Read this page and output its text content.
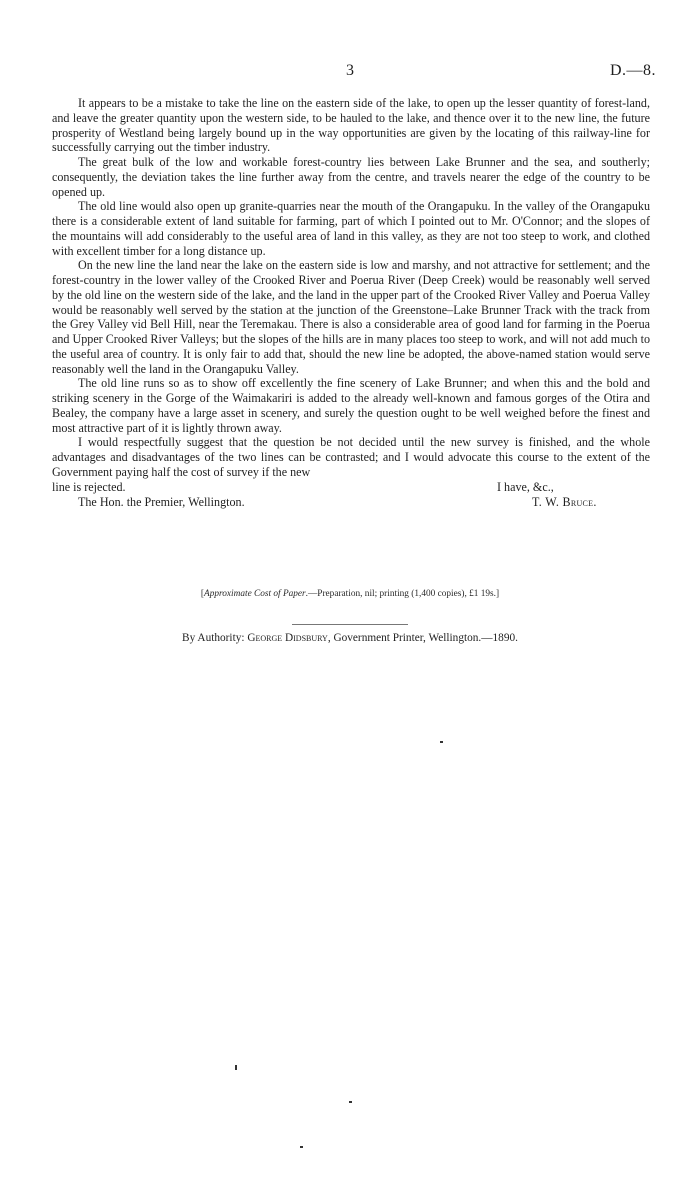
3	D.—8.

It appears to be a mistake to take the line on the eastern side of the lake, to open up the lesser quantity of forest-land, and leave the greater quantity upon the western side, to be hauled to the lake, and thence over it to the new line, the future prosperity of Westland being largely bound up in the way opportunities are given by the locating of this railway-line for successfully carrying out the timber industry.

The great bulk of the low and workable forest-country lies between Lake Brunner and the sea, and southerly; consequently, the deviation takes the line further away from the centre, and travels nearer the edge of the country to be opened up.

The old line would also open up granite-quarries near the mouth of the Orangapuku. In the valley of the Orangapuku there is a considerable extent of land suitable for farming, part of which I pointed out to Mr. O'Connor; and the slopes of the mountains will add considerably to the useful area of land in this valley, as they are not too steep to work, and clothed with excellent timber for a long distance up.

On the new line the land near the lake on the eastern side is low and marshy, and not attractive for settlement; and the forest-country in the lower valley of the Crooked River and Poerua River (Deep Creek) would be reasonably well served by the old line on the western side of the lake, and the land in the upper part of the Crooked River Valley and Poerua Valley would be reasonably well served by the station at the junction of the Greenstone–Lake Brunner Track with the track from the Grey Valley vid Bell Hill, near the Teremakau. There is also a considerable area of good land for farming in the Poerua and Upper Crooked River Valleys; but the slopes of the hills are in many places too steep to work, and will not add much to the useful area of country. It is only fair to add that, should the new line be adopted, the above-named station would serve reasonably well the land in the Orangapuku Valley.

The old line runs so as to show off excellently the fine scenery of Lake Brunner; and when this and the bold and striking scenery in the Gorge of the Waimakariri is added to the already well-known and famous gorges of the Otira and Bealey, the company have a large asset in scenery, and surely the question ought to be well weighed before the finest and most attractive part of it is lightly thrown away.

I would respectfully suggest that the question be not decided until the new survey is finished, and the whole advantages and disadvantages of the two lines can be contrasted; and I would advocate this course to the extent of the Government paying half the cost of survey if the new

line is rejected.	I have, &c.,
The Hon. the Premier, Wellington.	T. W. Bruce.
[Approximate Cost of Paper.—Preparation, nil; printing (1,400 copies), £1 19s.]
By Authority: George Didsbury, Government Printer, Wellington.—1890.
